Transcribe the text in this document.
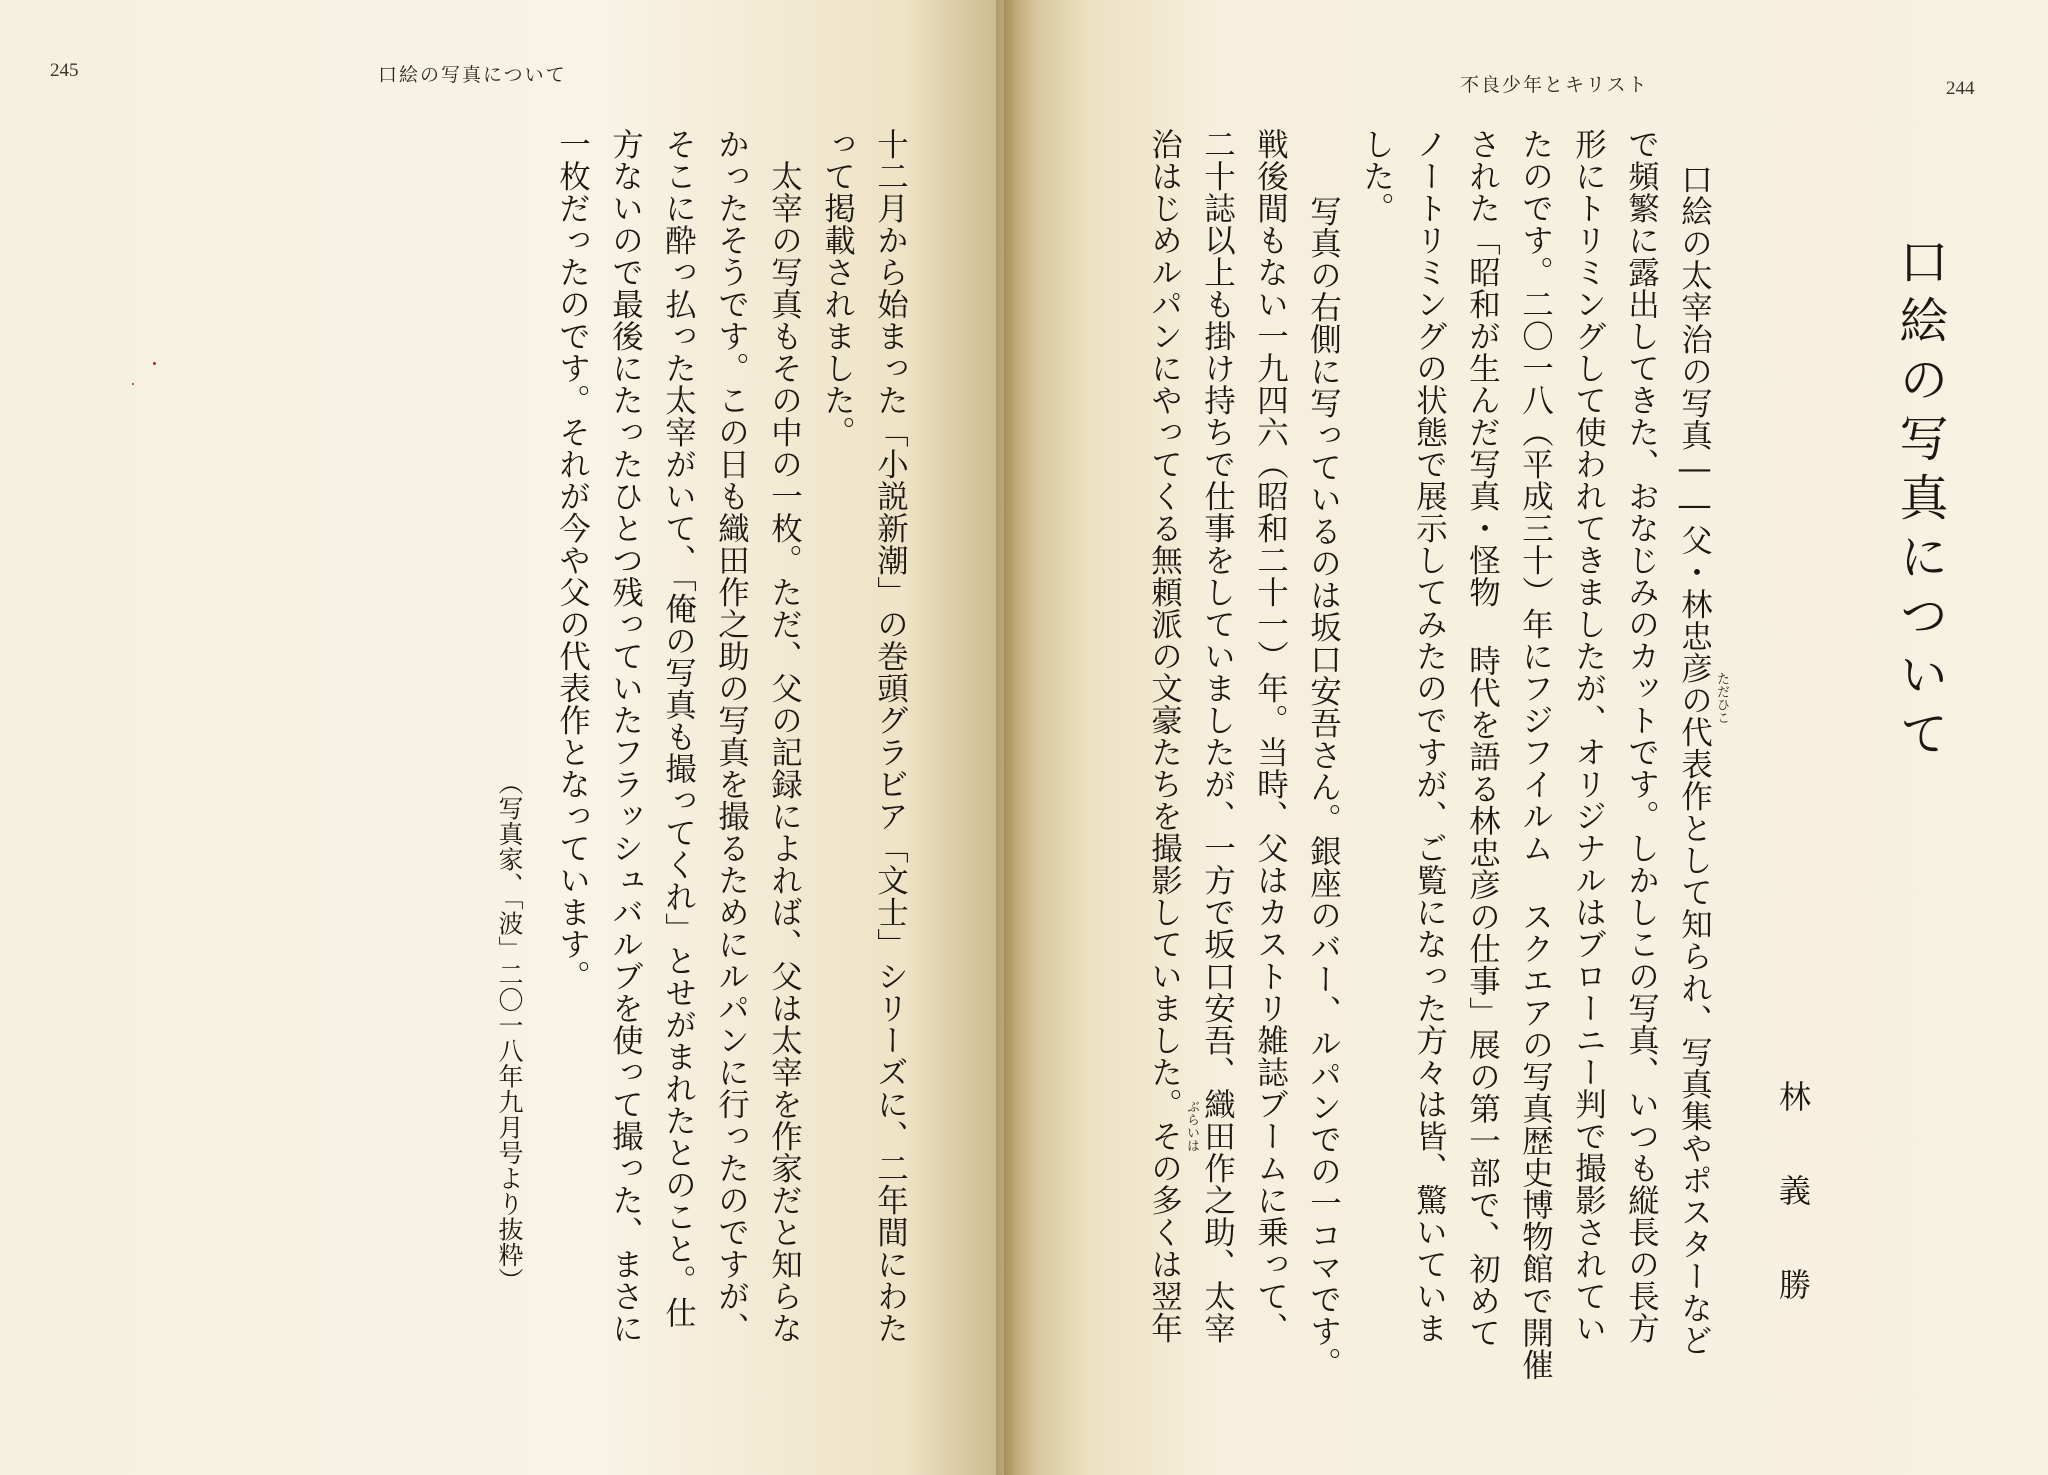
245	口絵の写真について
十二月から始まった「小説新潮」の巻頭グラビア「文士」シリーズに、二年間にわた
って掲載されました。
　太宰の写真もその中の一枚。ただ、父の記録によれば、父は太宰を作家だと知らな
かったそうです。この日も織田作之助の写真を撮るためにルパンに行ったのですが、
そこに酔っ払った太宰がいて、「俺の写真も撮ってくれ」とせがまれたとのこと。仕
方ないので最後にたったひとつ残っていたフラッシュバルブを使って撮った、まさに
一枚だったのです。それが今や父の代表作となっています。
（写真家、「波」二〇一八年九月号より抜粋）
244
不良少年とキリスト
口絵の写真について
林義勝
口絵の太宰治の写真――父・林忠彦の代表作として知られ、写真集やポスターなど
で頻繁に露出してきた、おなじみのカットです。しかしこの写真、いつも縦長の長方
形にトリミングして使われてきましたが、オリジナルはブローニー判で撮影されてい
たのです。二〇一八（平成三十）年にフジフイルム スクエアの写真歴史博物館で開催
された「昭和が生んだ写真・怪物 時代を語る林忠彦の仕事」展の第一部で、初めて
ノートリミングの状態で展示してみたのですが、ご覧になった方々は皆、驚いていま
した。
　写真の右側に写っているのは坂口安吾さん。銀座のバー、ルパンでの一コマです。
戦後間もない一九四六（昭和二十一）年。当時、父はカストリ雑誌ブームに乗って、
二十誌以上も掛け持ちで仕事をしていましたが、一方で坂口安吾、織田作之助、太宰
治はじめルパンにやってくる無頼派の文豪たちを撮影していました。その多くは翌年	ただひこ
ぶらいは
